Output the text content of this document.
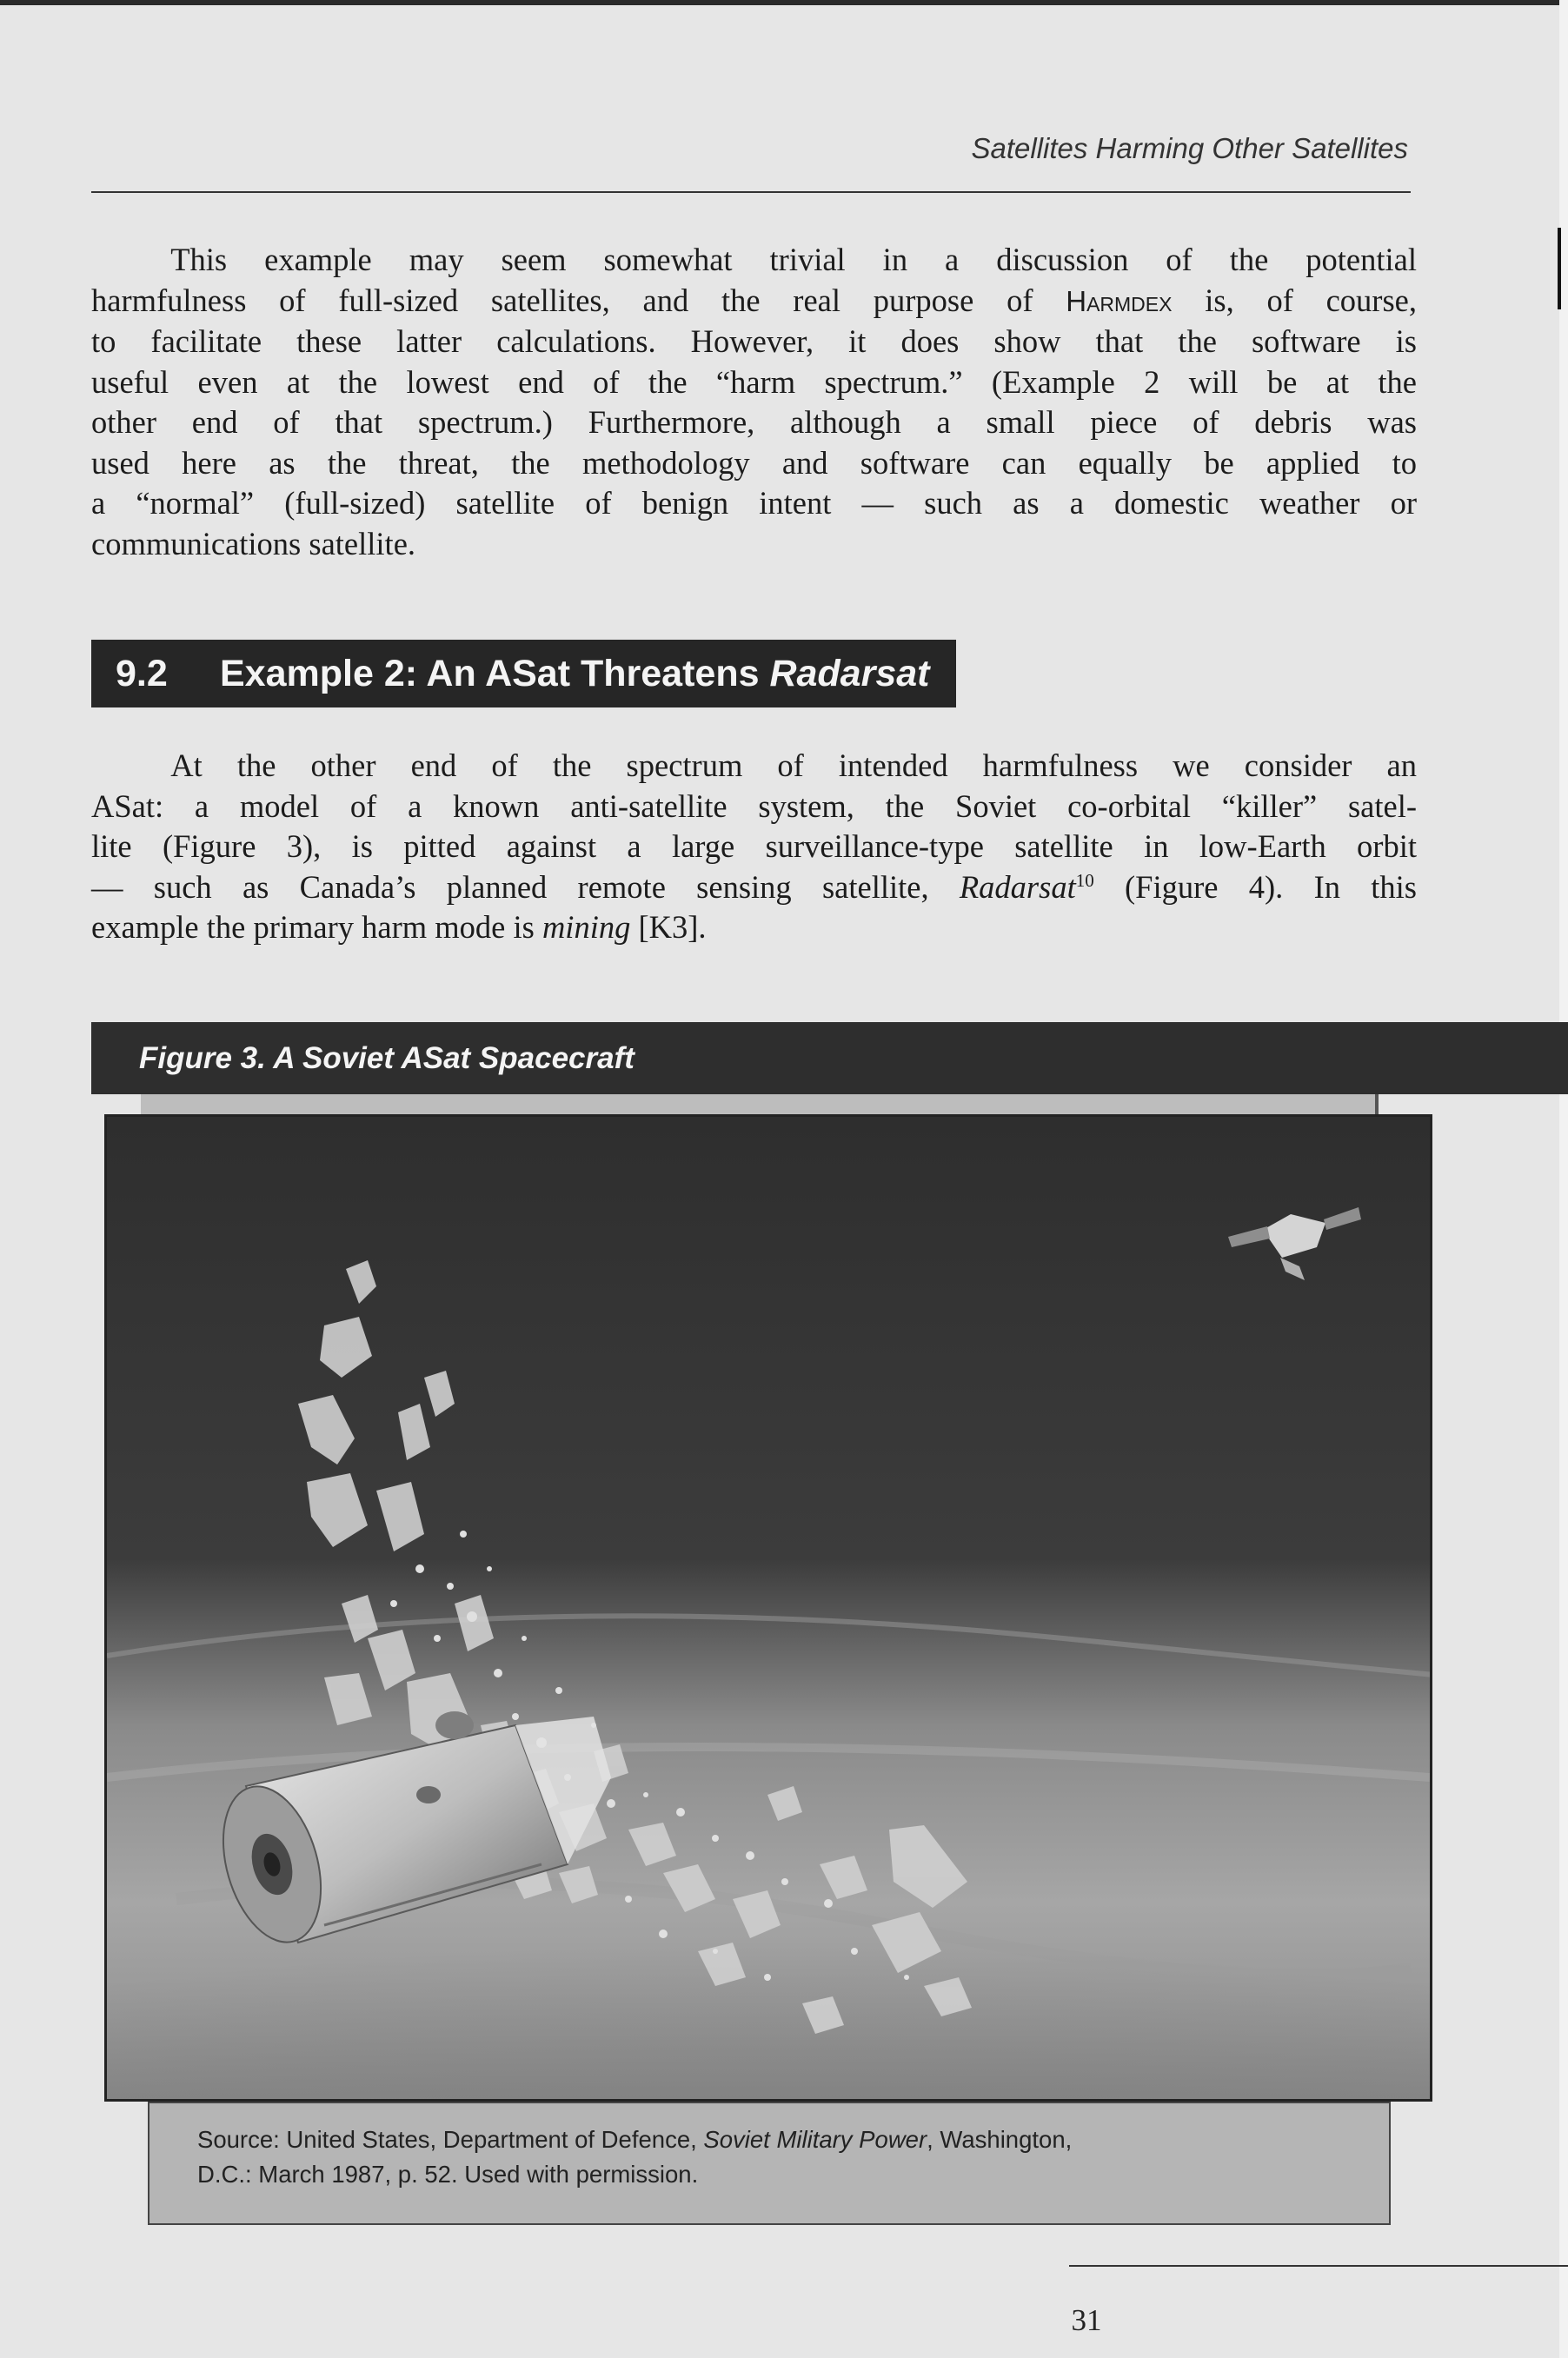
Satellites Harming Other Satellites

   This example may seem somewhat trivial in a discussion of the potential
harmfulness of full-sized satellites, and the real purpose of Harmdex is, of course,
to facilitate these latter calculations. However, it does show that the software is
useful even at the lowest end of the “harm spectrum.” (Example 2 will be at the
other end of that spectrum.) Furthermore, although a small piece of debris was
used here as the threat, the methodology and software can equally be applied to
a “normal” (full-sized) satellite of benign intent — such as a domestic weather or
communications satellite.

9.2 Example 2: An ASat Threatens Radarsat

   At the other end of the spectrum of intended harmfulness we consider an
ASat: a model of a known anti-satellite system, the Soviet co-orbital “killer” satel-
lite (Figure 3), is pitted against a large surveillance-type satellite in low-Earth orbit
— such as Canada’s planned remote sensing satellite, Radarsat$^{10}$ (Figure 4). In this
example the primary harm mode is mining [K3].

Figure 3. A Soviet ASat Spacecraft
Source: United States, Department of Defence, Soviet Military Power, Washington,
D.C.: March 1987, p. 52. Used with permission.
31
